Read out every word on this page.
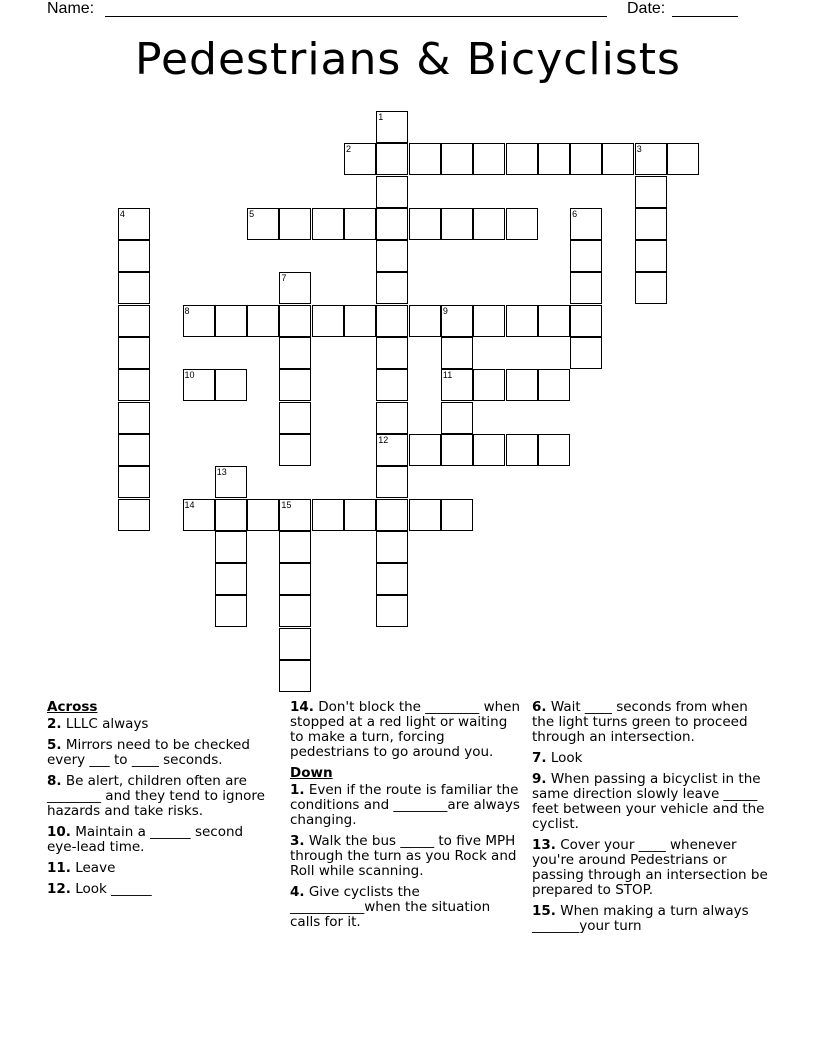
Name:	Date:
Pedestrians & Bicyclists
1
2	3
4	5	6
7
8	9
10	11
12
13
14	15
Across
2. LLLC always
5. Mirrors need to be checked every ___ to ____ seconds.
8. Be alert, children often are ________ and they tend to ignore hazards and take risks.
10. Maintain a ______ second eye-lead time.
11. Leave
12. Look ______
14. Don't block the ________ when stopped at a red light or waiting to make a turn, forcing pedestrians to go around you.
Down
1. Even if the route is familiar the conditions and ________are always changing.
3. Walk the bus _____ to five MPH through the turn as you Rock and Roll while scanning.
4. Give cyclists the ___________when the situation calls for it.
6. Wait ____ seconds from when the light turns green to proceed through an intersection.
7. Look
9. When passing a bicyclist in the same direction slowly leave _____ feet between your vehicle and the cyclist.
13. Cover your ____ whenever you're around Pedestrians or passing through an intersection be prepared to STOP.
15. When making a turn always _______your turn
